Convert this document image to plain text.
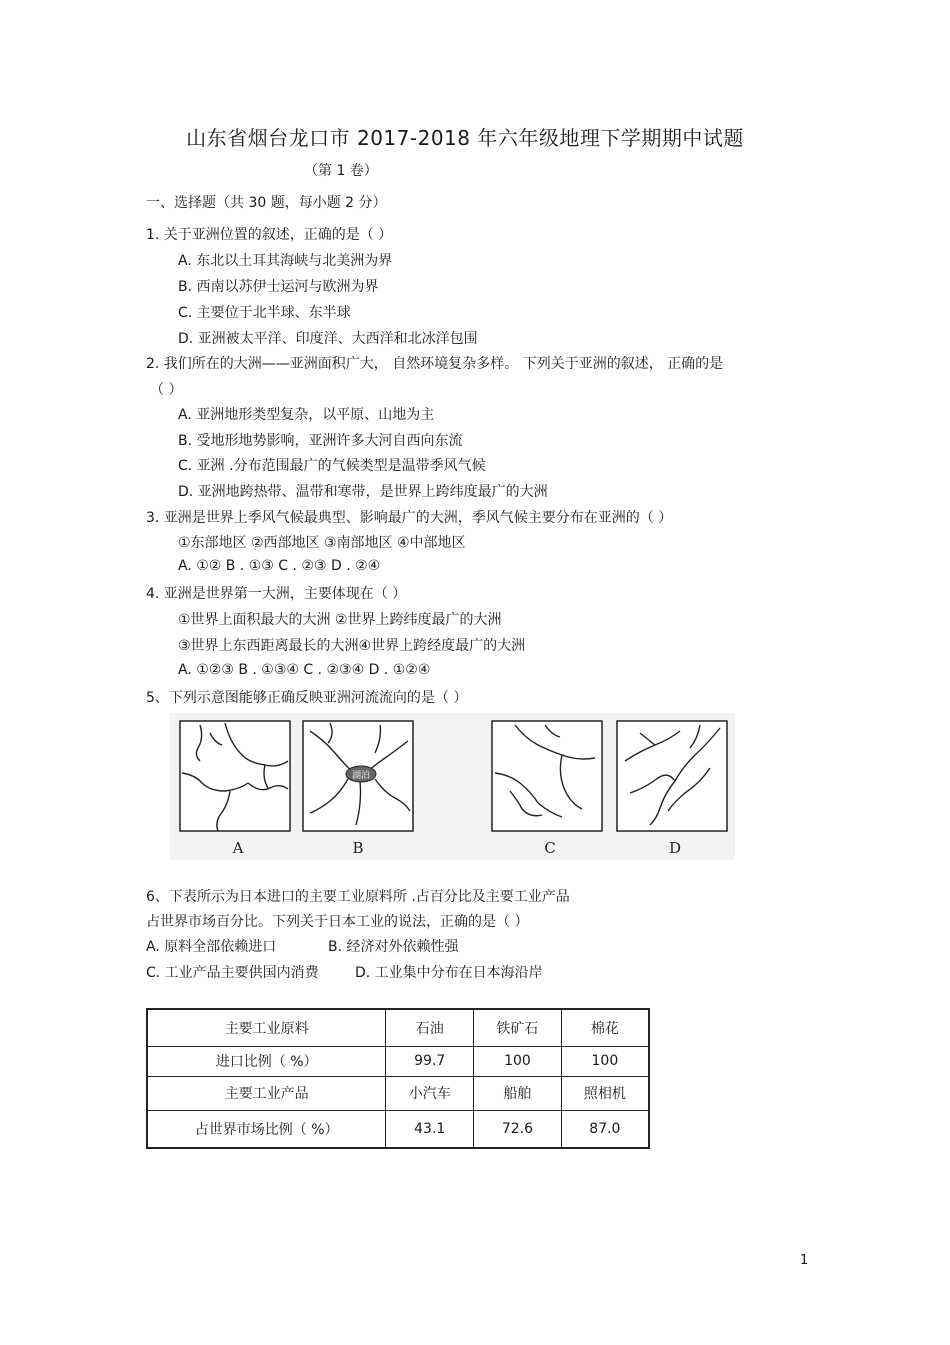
山东省烟台龙口市 2017-2018 年六年级地理下学期期中试题
（第 1 卷）
一、选择题（共 30 题，每小题 2 分）
1. 关于亚洲位置的叙述，正确的是（ ）
A. 东北以土耳其海峡与北美洲为界
B. 西南以苏伊士运河与欧洲为界
C. 主要位于北半球、东半球
D. 亚洲被太平洋、印度洋、大西洋和北冰洋包围
2. 我们所在的大洲——亚洲面积广大， 自然环境复杂多样。 下列关于亚洲的叙述， 正确的是
（ ）
A. 亚洲地形类型复杂，以平原、山地为主
B. 受地形地势影响，亚洲许多大河自西向东流
C. 亚洲 .分布范围最广的气候类型是温带季风气候
D. 亚洲地跨热带、温带和寒带，是世界上跨纬度最广的大洲
3. 亚洲是世界上季风气候最典型、影响最广的大洲，季风气候主要分布在亚洲的（ ）
①东部地区 ②西部地区 ③南部地区 ④中部地区
A. ①② B . ①③ C . ②③ D . ②④
4. 亚洲是世界第一大洲，主要体现在（ ）
①世界上面积最大的大洲 ②世界上跨纬度最广的大洲
③世界上东西距离最长的大洲④世界上跨经度最广的大洲
A. ①②③ B . ①③④ C . ②③④ D . ①②④
5、下列示意图能够正确反映亚洲河流流向的是（ ）
A
湖泊
B	C	D
6、下表所示为日本进口的主要工业原料所 .占百分比及主要工业产品
占世界市场百分比。下列关于日本工业的说法，正确的是（ ）
A. 原料全部依赖进口	B. 经济对外依赖性强
C. 工业产品主要供国内消费	D. 工业集中分布在日本海沿岸
主要工业原料	石油	铁矿石	棉花
进口比例（ %）	99.7	100	100
主要工业产品	小汽车	船舶	照相机
占世界市场比例（ %）	43.1	72.6	87.0
1
